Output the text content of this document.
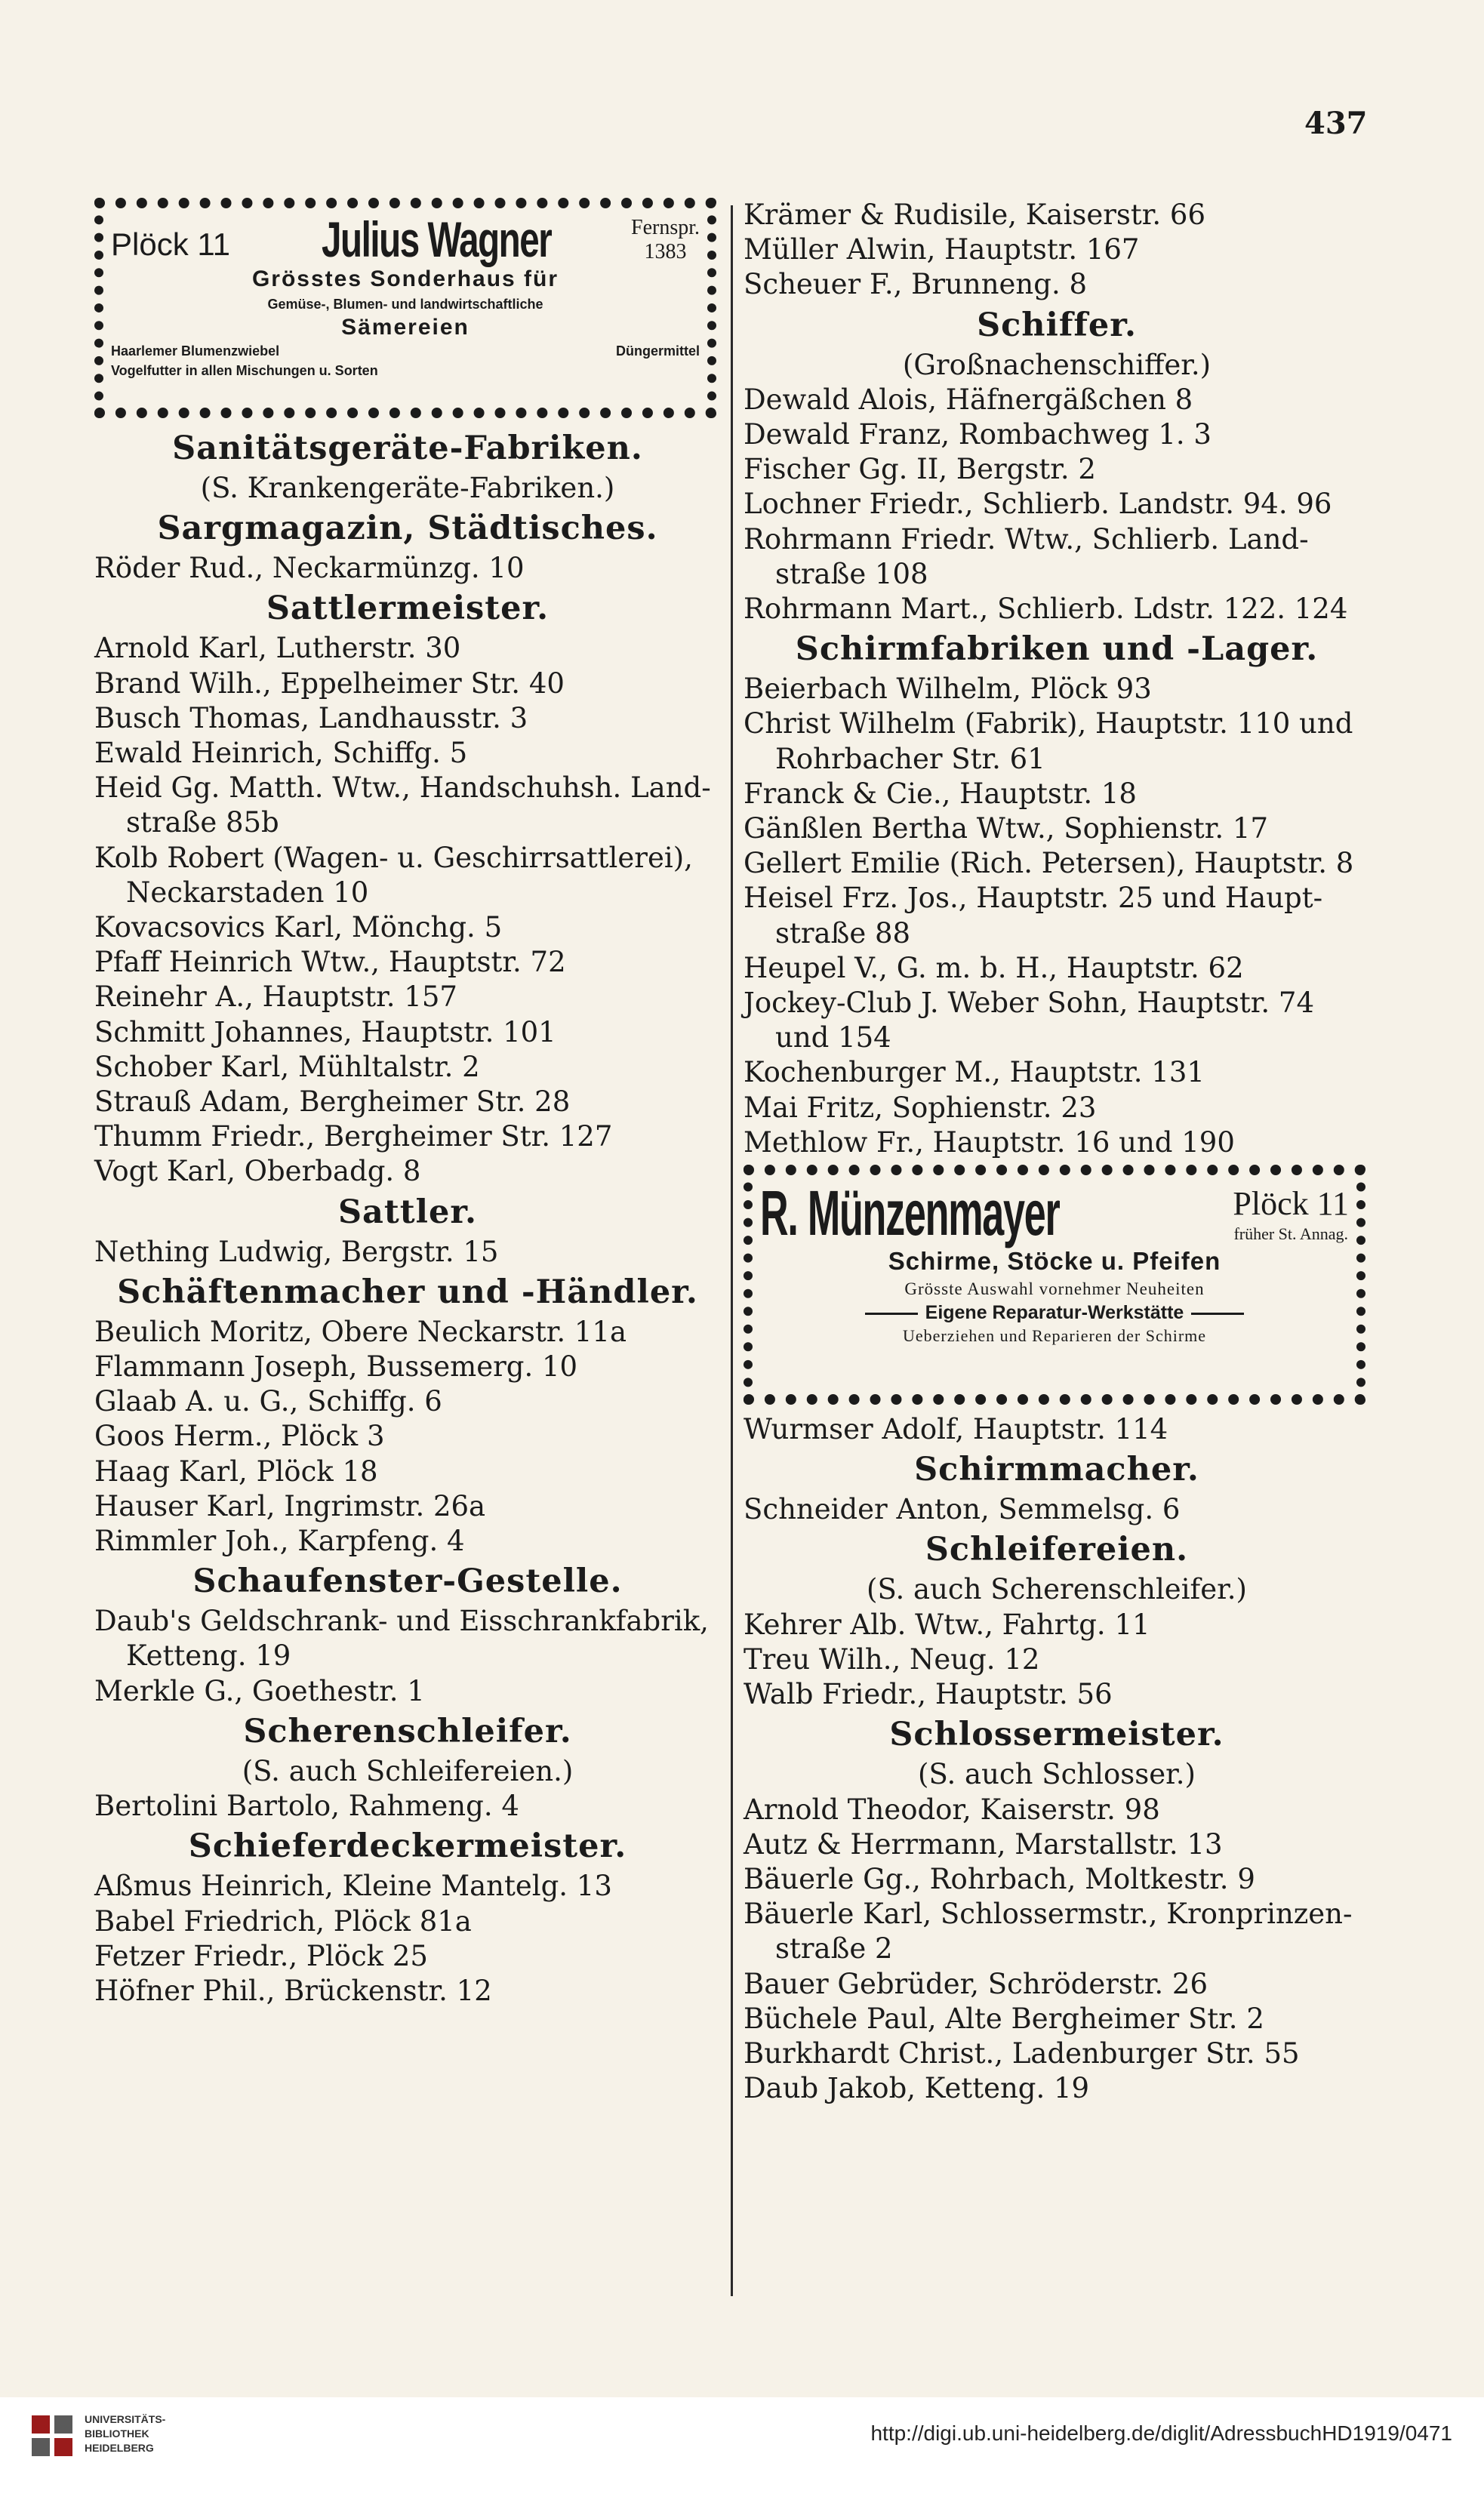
437
Plöck 11 Julius Wagner	Fernspr.
1383
Grösstes Sonderhaus für
Gemüse-, Blumen- und landwirtschaftliche
Sämereien
Haarlemer Blumenzwiebel	Düngermittel
Vogelfutter in allen Mischungen u. Sorten
Sanitätsgeräte-Fabriken.
(S. Krankengeräte-Fabriken.)
Sargmagazin, Städtisches.
Röder Rud., Neckarmünzg. 10
Sattlermeister.
Arnold Karl, Lutherstr. 30
Brand Wilh., Eppelheimer Str. 40
Busch Thomas, Landhausstr. 3
Ewald Heinrich, Schiffg. 5
Heid Gg. Matth. Wtw., Handschuhsh. Land-
straße 85b
Kolb Robert (Wagen- u. Geschirrsattlerei),
Neckarstaden 10
Kovacsovics Karl, Mönchg. 5
Pfaff Heinrich Wtw., Hauptstr. 72
Reinehr A., Hauptstr. 157
Schmitt Johannes, Hauptstr. 101
Schober Karl, Mühltalstr. 2
Strauß Adam, Bergheimer Str. 28
Thumm Friedr., Bergheimer Str. 127
Vogt Karl, Oberbadg. 8
Sattler.
Nething Ludwig, Bergstr. 15
Schäftenmacher und -Händler.
Beulich Moritz, Obere Neckarstr. 11a
Flammann Joseph, Bussemerg. 10
Glaab A. u. G., Schiffg. 6
Goos Herm., Plöck 3
Haag Karl, Plöck 18
Hauser Karl, Ingrimstr. 26a
Rimmler Joh., Karpfeng. 4
Schaufenster-Gestelle.
Daub's Geldschrank- und Eisschrankfabrik,
Ketteng. 19
Merkle G., Goethestr. 1
Scherenschleifer.
(S. auch Schleifereien.)
Bertolini Bartolo, Rahmeng. 4
Schieferdeckermeister.
Aßmus Heinrich, Kleine Mantelg. 13
Babel Friedrich, Plöck 81a
Fetzer Friedr., Plöck 25
Höfner Phil., Brückenstr. 12
Krämer & Rudisile, Kaiserstr. 66
Müller Alwin, Hauptstr. 167
Scheuer F., Brunneng. 8
Schiffer.
(Großnachenschiffer.)
Dewald Alois, Häfnergäßchen 8
Dewald Franz, Rombachweg 1. 3
Fischer Gg. II, Bergstr. 2
Lochner Friedr., Schlierb. Landstr. 94. 96
Rohrmann Friedr. Wtw., Schlierb. Land-
straße 108
Rohrmann Mart., Schlierb. Ldstr. 122. 124
Schirmfabriken und -Lager.
Beierbach Wilhelm, Plöck 93
Christ Wilhelm (Fabrik), Hauptstr. 110 und
Rohrbacher Str. 61
Franck & Cie., Hauptstr. 18
Gänßlen Bertha Wtw., Sophienstr. 17
Gellert Emilie (Rich. Petersen), Hauptstr. 8
Heisel Frz. Jos., Hauptstr. 25 und Haupt-
straße 88
Heupel V., G. m. b. H., Hauptstr. 62
Jockey-Club J. Weber Sohn, Hauptstr. 74
und 154
Kochenburger M., Hauptstr. 131
Mai Fritz, Sophienstr. 23
Methlow Fr., Hauptstr. 16 und 190
R. Münzenmayer	Plöck 11
früher St. Annag.
Schirme, Stöcke u. Pfeifen
Grösste Auswahl vornehmer Neuheiten
Eigene Reparatur-Werkstätte
Ueberziehen und Reparieren der Schirme
Wurmser Adolf, Hauptstr. 114
Schirmmacher.
Schneider Anton, Semmelsg. 6
Schleifereien.
(S. auch Scherenschleifer.)
Kehrer Alb. Wtw., Fahrtg. 11
Treu Wilh., Neug. 12
Walb Friedr., Hauptstr. 56
Schlossermeister.
(S. auch Schlosser.)
Arnold Theodor, Kaiserstr. 98
Autz & Herrmann, Marstallstr. 13
Bäuerle Gg., Rohrbach, Moltkestr. 9
Bäuerle Karl, Schlossermstr., Kronprinzen-
straße 2
Bauer Gebrüder, Schröderstr. 26
Büchele Paul, Alte Bergheimer Str. 2
Burkhardt Christ., Ladenburger Str. 55
Daub Jakob, Ketteng. 19
UNIVERSITÄTS-
BIBLIOTHEK
HEIDELBERG
http://digi.ub.uni-heidelberg.de/diglit/AdressbuchHD1919/0471
